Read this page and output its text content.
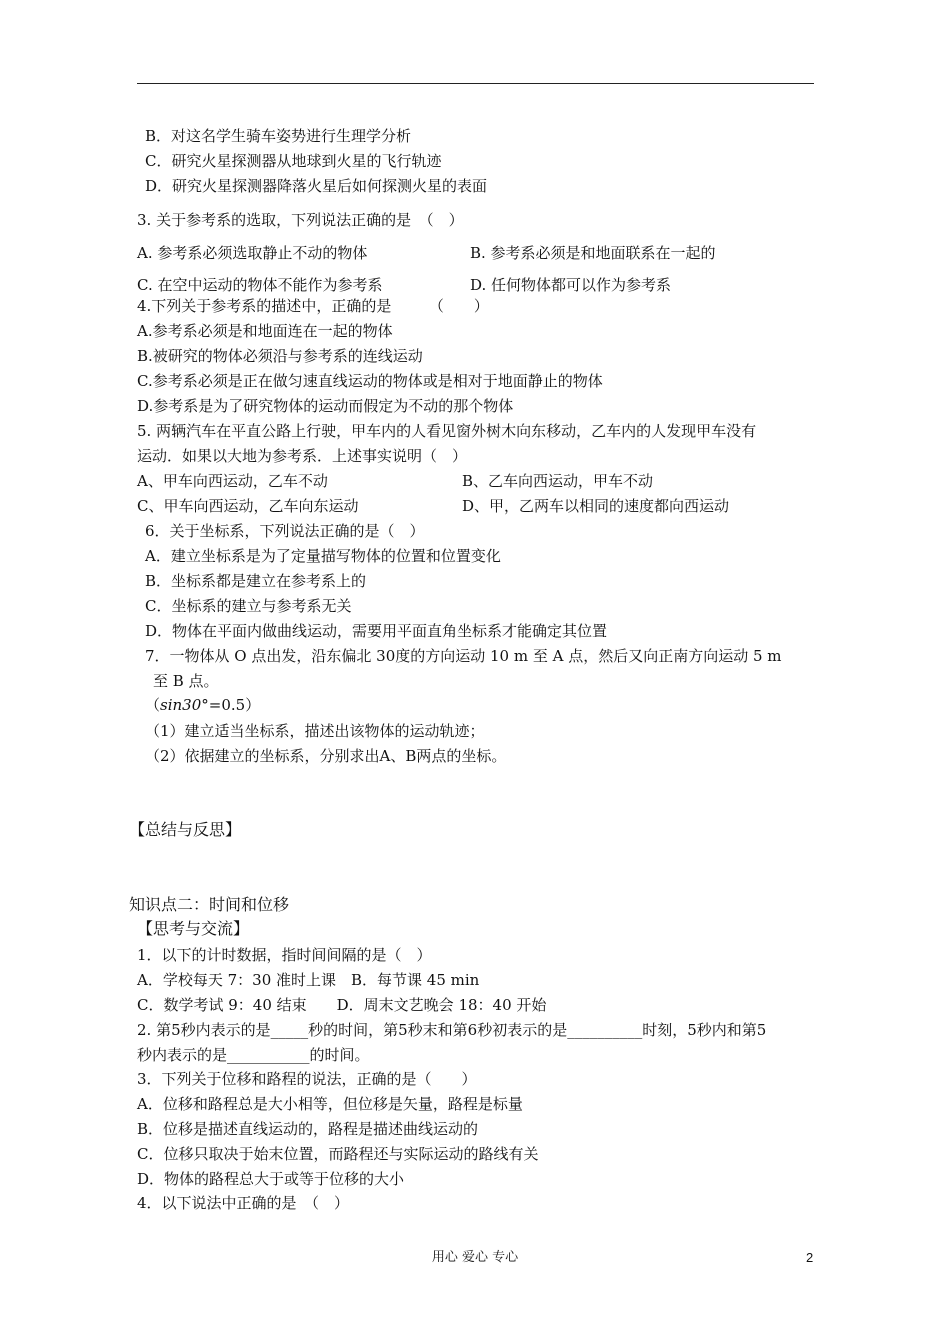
B．对这名学生骑车姿势进行生理学分析
C．研究火星探测器从地球到火星的飞行轨迹
D．研究火星探测器降落火星后如何探测火星的表面
3. 关于参考系的选取，下列说法正确的是　（　）
A. 参考系必须选取静止不动的物体	B. 参考系必须是和地面联系在一起的
C. 在空中运动的物体不能作为参考系	D. 任何物体都可以作为参考系
4.下列关于参考系的描述中，正确的是　　　（　　）
A.参考系必须是和地面连在一起的物体
B.被研究的物体必须沿与参考系的连线运动
C.参考系必须是正在做匀速直线运动的物体或是相对于地面静止的物体
D.参考系是为了研究物体的运动而假定为不动的那个物体
5. 两辆汽车在平直公路上行驶，甲车内的人看见窗外树木向东移动，乙车内的人发现甲车没有
运动．如果以大地为参考系．上述事实说明（　）
A、甲车向西运动，乙车不动	B、乙车向西运动，甲车不动
C、甲车向西运动，乙车向东运动	D、甲，乙两车以相同的速度都向西运动
6．关于坐标系，下列说法正确的是（　）
A．建立坐标系是为了定量描写物体的位置和位置变化
B．坐标系都是建立在参考系上的
C．坐标系的建立与参考系无关
D．物体在平面内做曲线运动，需要用平面直角坐标系才能确定其位置
7．一物体从 O 点出发，沿东偏北 30度的方向运动 10 m 至 A 点，然后又向正南方向运动 5 m
至 B 点。
（sin30°=0.5）
（1）建立适当坐标系，描述出该物体的运动轨迹；
（2）依据建立的坐标系，分别求出A、B两点的坐标。
【总结与反思】
知识点二：时间和位移
【思考与交流】
1．以下的计时数据，指时间间隔的是（　）
A．学校每天 7：30 准时上课　B．每节课 45 min
C．数学考试 9：40 结束　　D．周末文艺晚会 18：40 开始
2. 第5秒内表示的是_____秒的时间，第5秒末和第6秒初表示的是__________时刻，5秒内和第5
秒内表示的是___________的时间。
3．下列关于位移和路程的说法，正确的是（　　）
A．位移和路程总是大小相等，但位移是矢量，路程是标量
B．位移是描述直线运动的，路程是描述曲线运动的
C．位移只取决于始末位置，而路程还与实际运动的路线有关
D．物体的路程总大于或等于位移的大小
4．以下说法中正确的是　（　）
用心 爱心 专心	2
